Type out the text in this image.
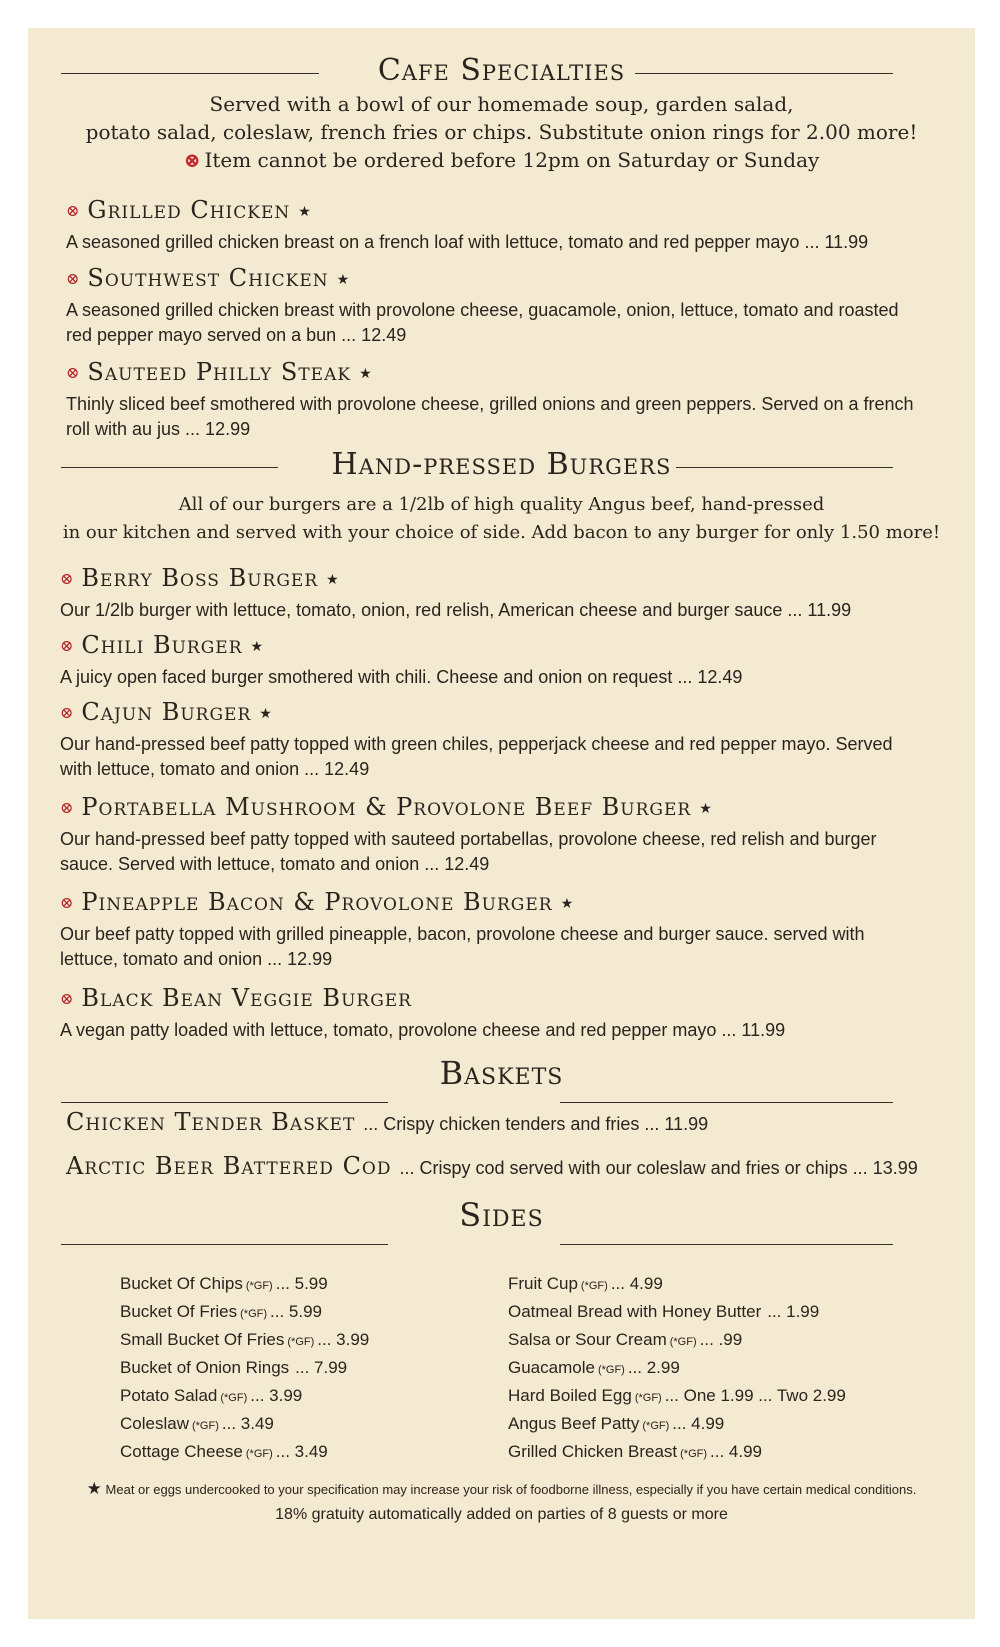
Cafe Specialties
Served with a bowl of our homemade soup, garden salad,
potato salad, coleslaw, french fries or chips. Substitute onion rings for 2.00 more!
⊗ Item cannot be ordered before 12pm on Saturday or Sunday
⊗ Grilled Chicken ★
A seasoned grilled chicken breast on a french loaf with lettuce, tomato and red pepper mayo ... 11.99
⊗ Southwest Chicken ★
A seasoned grilled chicken breast with provolone cheese, guacamole, onion, lettuce, tomato and roasted
red pepper mayo served on a bun ... 12.49
⊗ Sauteed Philly Steak ★
Thinly sliced beef smothered with provolone cheese, grilled onions and green peppers. Served on a french
roll with au jus ... 12.99
Hand-pressed Burgers
All of our burgers are a 1/2lb of high quality Angus beef, hand-pressed
in our kitchen and served with your choice of side. Add bacon to any burger for only 1.50 more!
⊗ Berry Boss Burger ★
Our 1/2lb burger with lettuce, tomato, onion, red relish, American cheese and burger sauce ... 11.99
⊗ Chili Burger ★
A juicy open faced burger smothered with chili. Cheese and onion on request ... 12.49
⊗ Cajun Burger ★
Our hand-pressed beef patty topped with green chiles, pepperjack cheese and red pepper mayo. Served
with lettuce, tomato and onion ... 12.49
⊗ Portabella Mushroom & Provolone Beef Burger ★
Our hand-pressed beef patty topped with sauteed portabellas, provolone cheese, red relish and burger
sauce. Served with lettuce, tomato and onion ... 12.49
⊗ Pineapple Bacon & Provolone Burger ★
Our beef patty topped with grilled pineapple, bacon, provolone cheese and burger sauce. served with
lettuce, tomato and onion ... 12.99
⊗ Black Bean Veggie Burger
A vegan patty loaded with lettuce, tomato, provolone cheese and red pepper mayo ... 11.99
Baskets
Chicken Tender Basket ... Crispy chicken tenders and fries ... 11.99
Arctic Beer Battered Cod ... Crispy cod served with our coleslaw and fries or chips ... 13.99
Sides
Bucket Of Chips (*GF) ... 5.99
Bucket Of Fries (*GF) ... 5.99
Small Bucket Of Fries (*GF) ... 3.99
Bucket of Onion Rings ... 7.99
Potato Salad (*GF) ... 3.99
Coleslaw (*GF) ... 3.49
Cottage Cheese (*GF) ... 3.49
Fruit Cup (*GF) ... 4.99
Oatmeal Bread with Honey Butter ... 1.99
Salsa or Sour Cream (*GF) ... .99
Guacamole (*GF) ... 2.99
Hard Boiled Egg (*GF) ... One 1.99 ... Two 2.99
Angus Beef Patty (*GF) ... 4.99
Grilled Chicken Breast (*GF) ... 4.99
★ Meat or eggs undercooked to your specification may increase your risk of foodborne illness, especially if you have certain medical conditions.
18% gratuity automatically added on parties of 8 guests or more
